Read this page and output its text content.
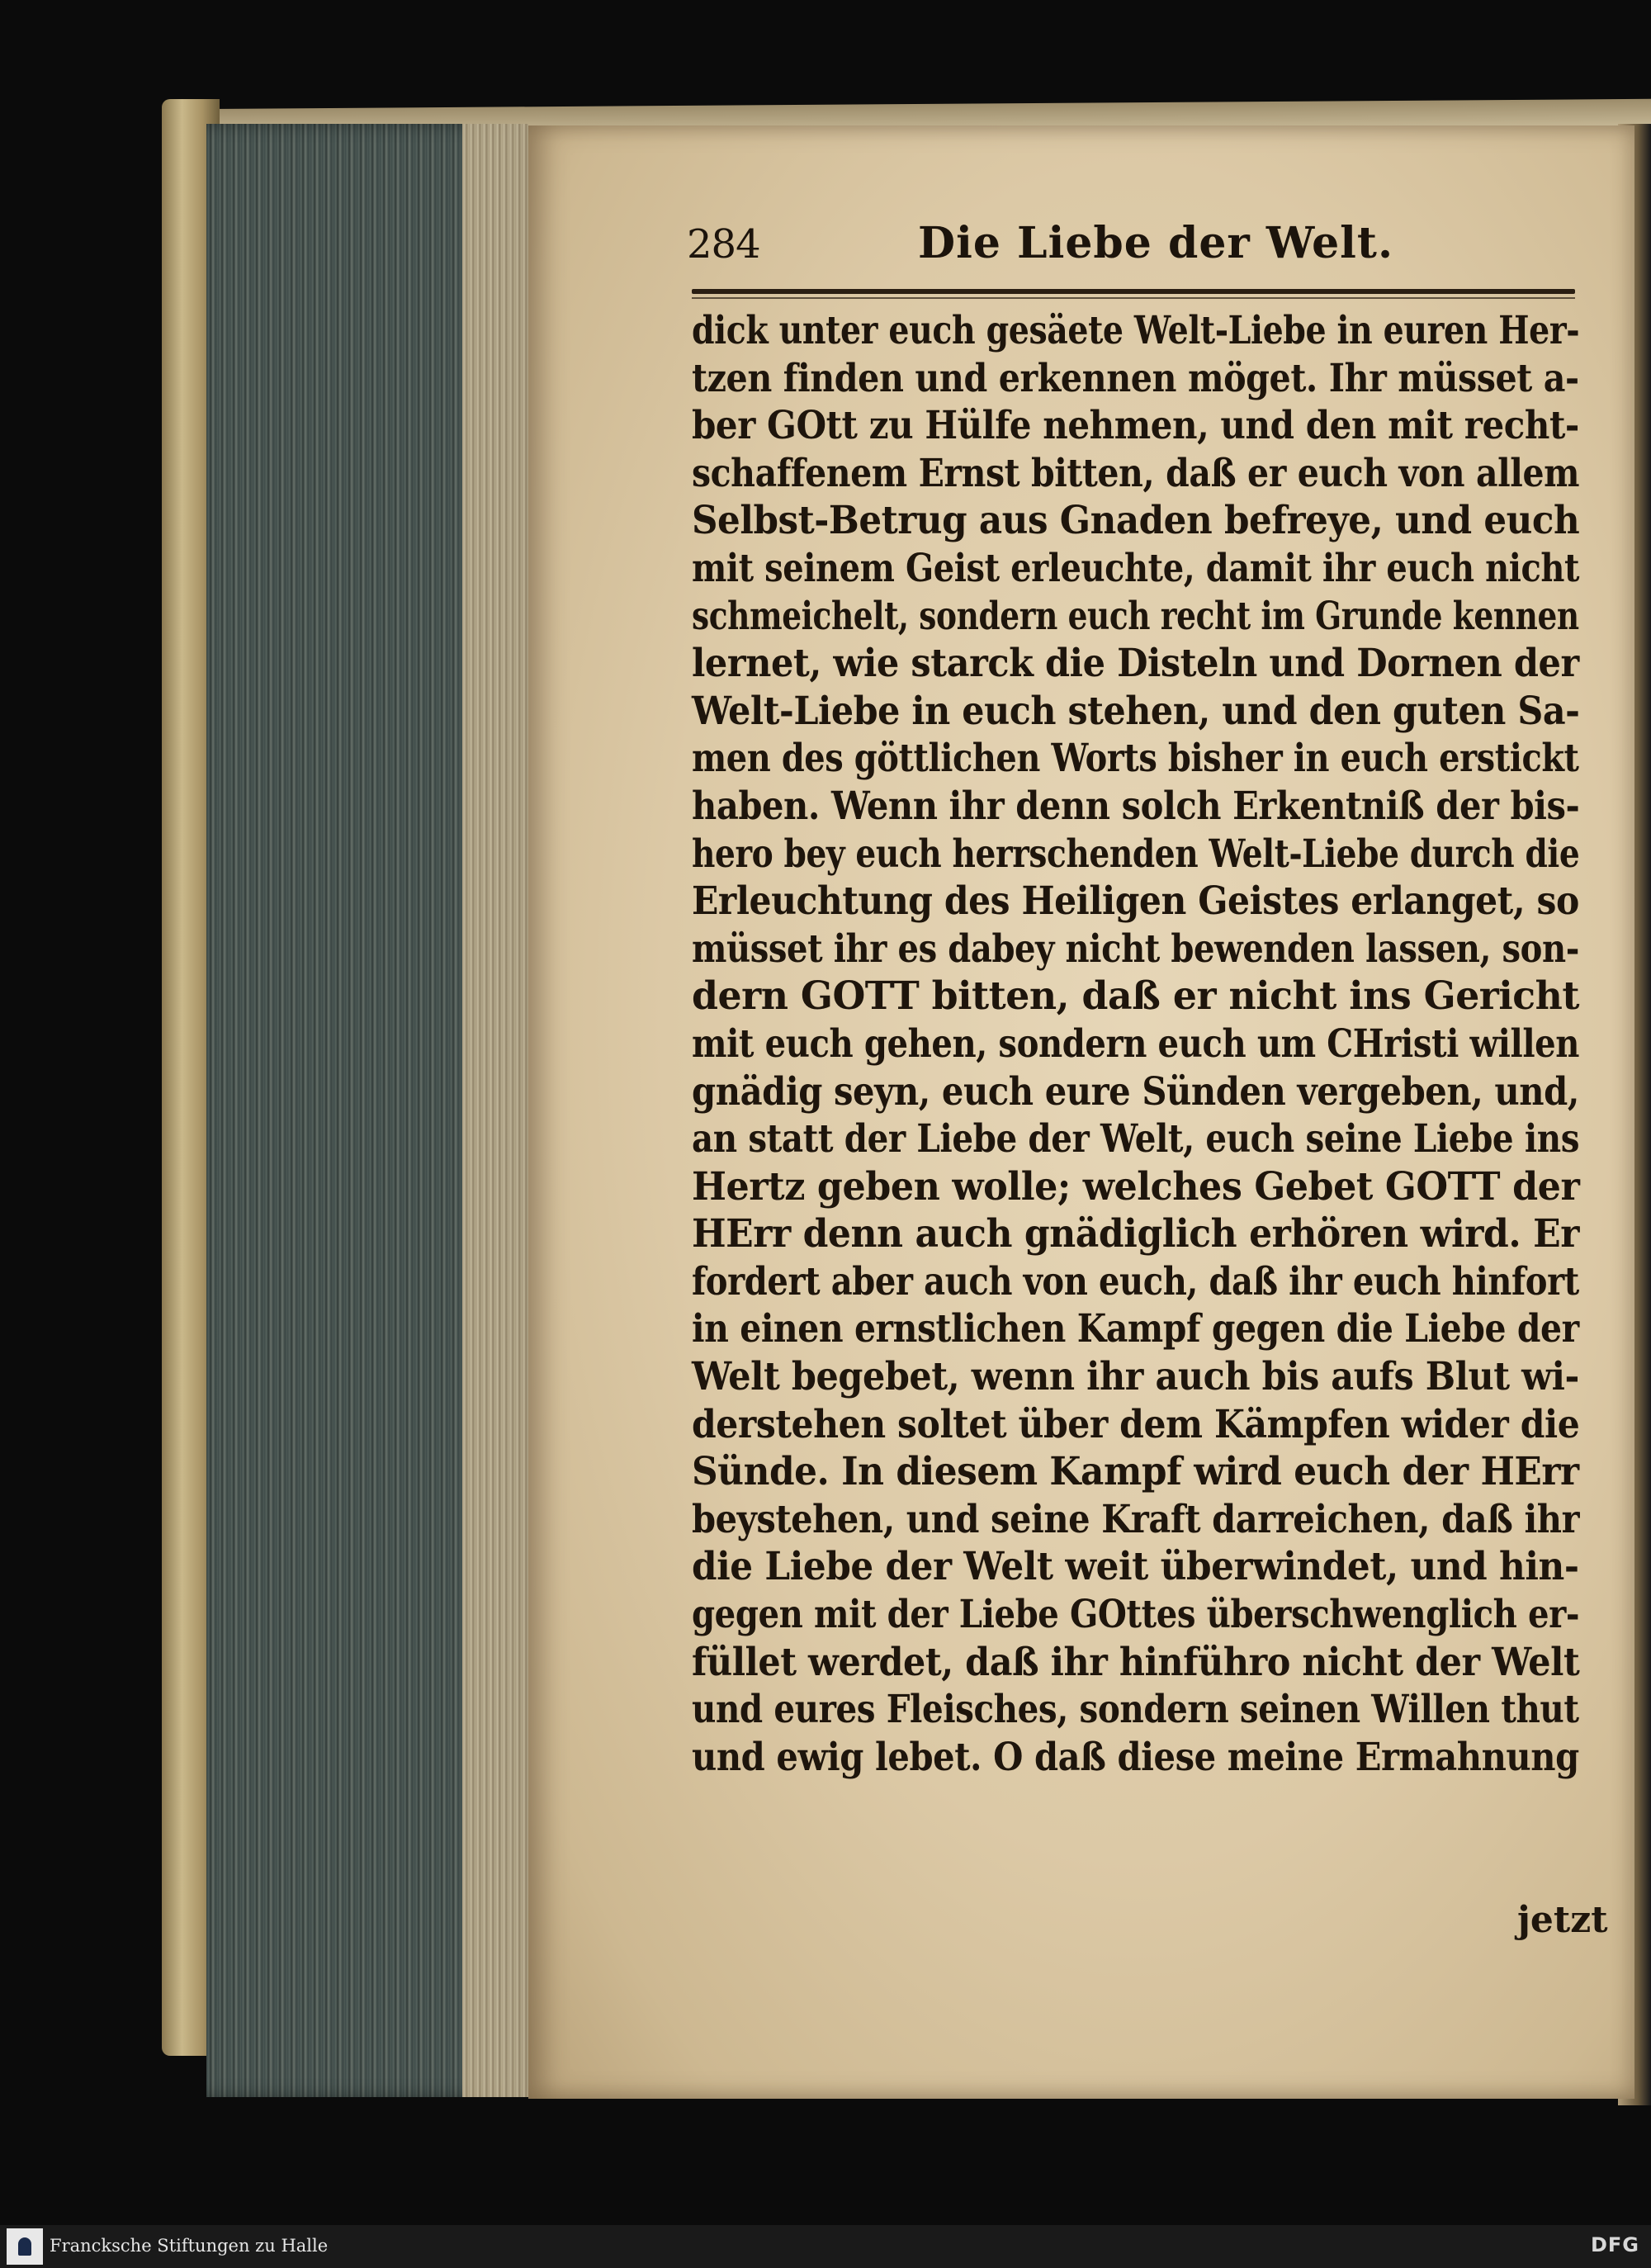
284	Die Liebe der Welt.
dick unter euch gesäete Welt-Liebe in euren Her-
tzen finden und erkennen möget. Ihr müsset a-
ber GOtt zu Hülfe nehmen, und den mit recht-
schaffenem Ernst bitten, daß er euch von allem
Selbst-Betrug aus Gnaden befreye, und euch
mit seinem Geist erleuchte, damit ihr euch nicht
schmeichelt, sondern euch recht im Grunde kennen
lernet, wie starck die Disteln und Dornen der
Welt-Liebe in euch stehen, und den guten Sa-
men des göttlichen Worts bisher in euch erstickt
haben. Wenn ihr denn solch Erkentniß der bis-
hero bey euch herrschenden Welt-Liebe durch die
Erleuchtung des Heiligen Geistes erlanget, so
müsset ihr es dabey nicht bewenden lassen, son-
dern GOTT bitten, daß er nicht ins Gericht
mit euch gehen, sondern euch um CHristi willen
gnädig seyn, euch eure Sünden vergeben, und,
an statt der Liebe der Welt, euch seine Liebe ins
Hertz geben wolle; welches Gebet GOTT der
HErr denn auch gnädiglich erhören wird. Er
fordert aber auch von euch, daß ihr euch hinfort
in einen ernstlichen Kampf gegen die Liebe der
Welt begebet, wenn ihr auch bis aufs Blut wi-
derstehen soltet über dem Kämpfen wider die
Sünde. In diesem Kampf wird euch der HErr
beystehen, und seine Kraft darreichen, daß ihr
die Liebe der Welt weit überwindet, und hin-
gegen mit der Liebe GOttes überschwenglich er-
füllet werdet, daß ihr hinführo nicht der Welt
und eures Fleisches, sondern seinen Willen thut
und ewig lebet. O daß diese meine Ermahnung
jetzt
Francksche Stiftungen zu Halle	DFG
